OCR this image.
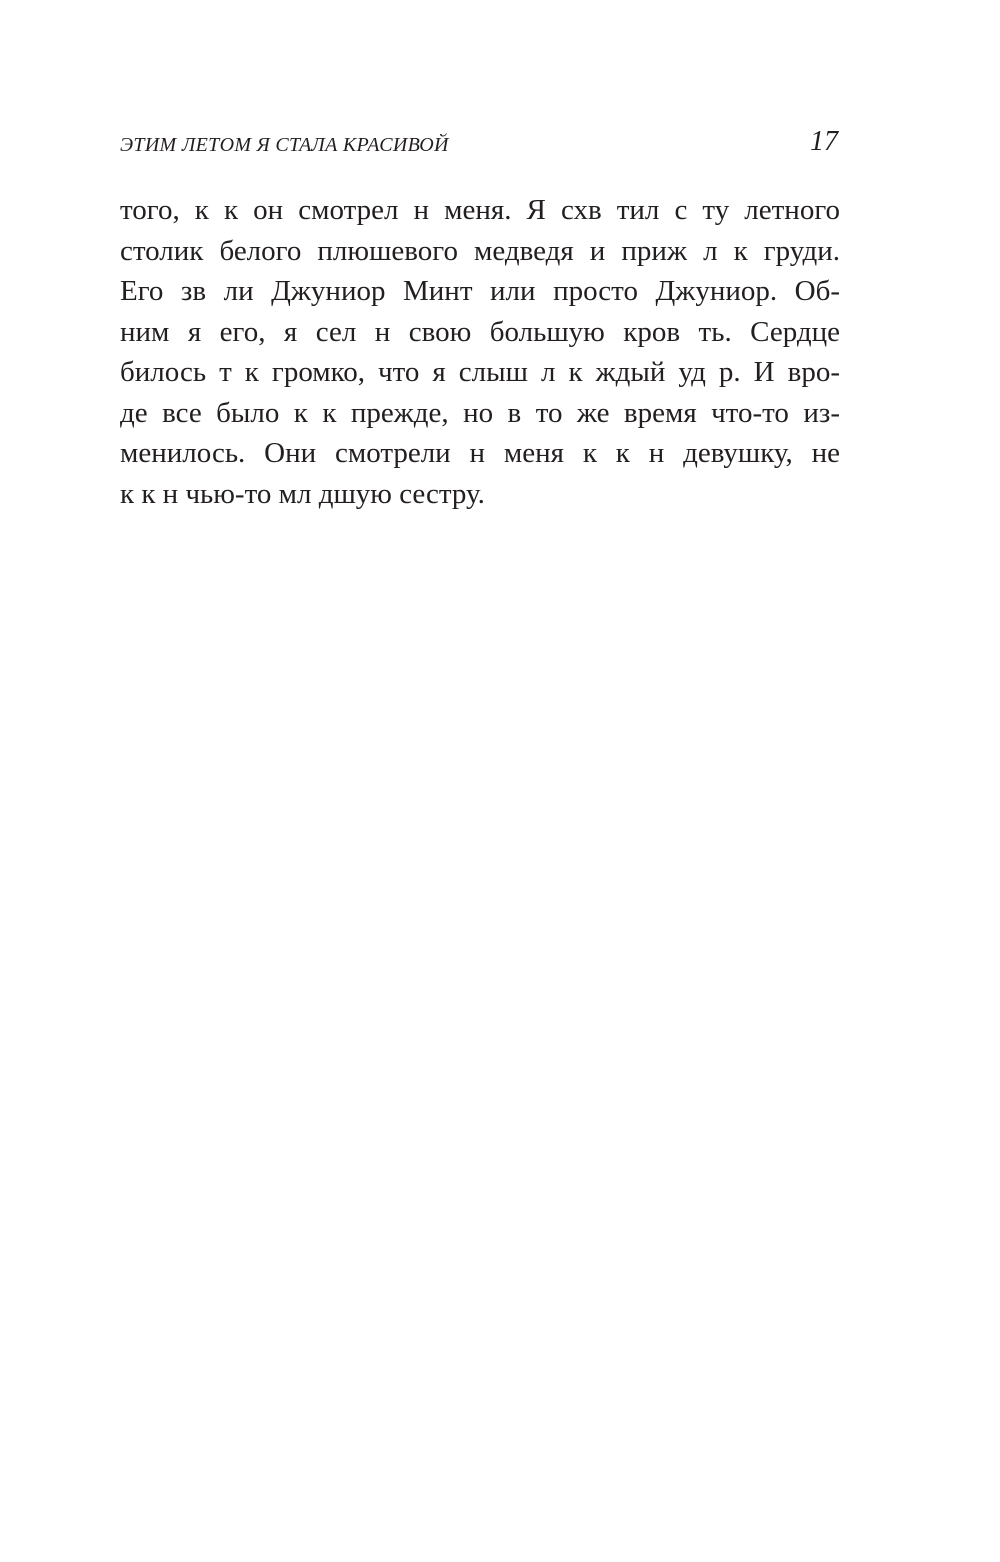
ЭТИМ ЛЕТОМ Я СТАЛА КРАСИВОЙ	17
того, к к он смотрел н меня. Я схв тил с ту летного
столик белого плюшевого медведя и приж л к груди.
Его зв ли Джуниор Минт или просто Джуниор. Об-
ним я его, я сел н свою большую кров ть. Сердце
билось т к громко, что я слыш л к ждый уд р. И вро-
де все было к к прежде, но в то же время что-то из-
менилось. Они смотрели н меня к к н девушку, не
к к н чью-то мл дшую сестру.
